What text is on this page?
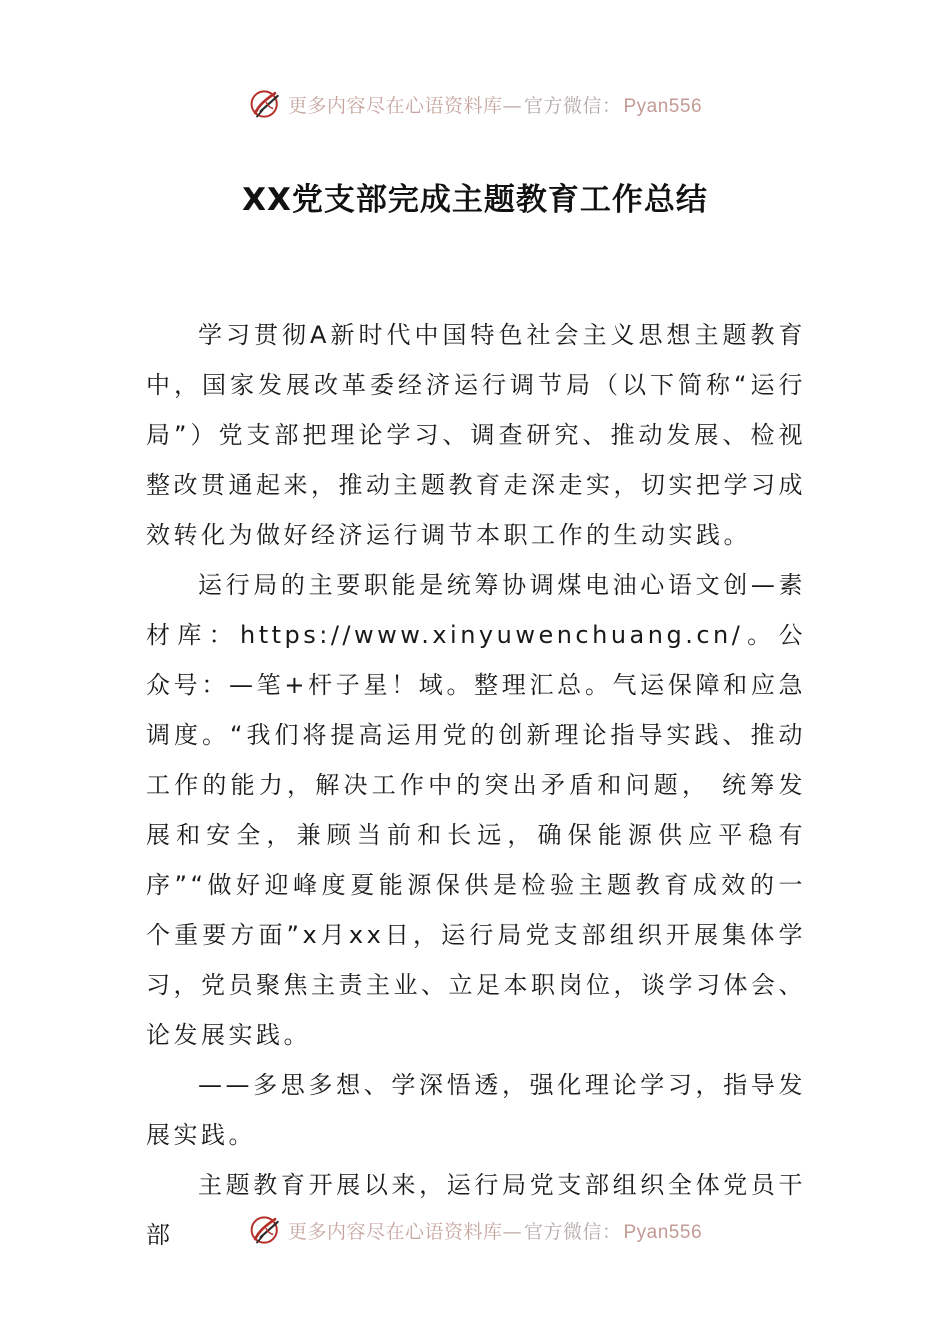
更多内容尽在心语资料库— 官方微信： Pyan556
XX党支部完成主题教育工作总结

学习贯彻A新时代中国特色社会主义思想主题教育中，国家发展改革委经济运行调节局（以下简称“运行局”）党支部把理论学习、调查研究、推动发展、检视整改贯通起来，推动主题教育走深走实，切实把学习成效转化为做好经济运行调节本职工作的生动实践。

运行局的主要职能是统筹协调煤电油心语文创—素材库：https://www.xinyuwenchuang.cn/。公众号：—笔+杆子星！域。整理汇总。气运保障和应急调度。“我们将提高运用党的创新理论指导实践、推动工作的能力，解决工作中的突出矛盾和问题， 统筹发展和安全，兼顾当前和长远，确保能源供应平稳有序”“做好迎峰度夏能源保供是检验主题教育成效的一个重要方面”x月xx日，运行局党支部组织开展集体学习，党员聚焦主责主业、立足本职岗位，谈学习体会、论发展实践。

——多思多想、学深悟透，强化理论学习，指导发展实践。

主题教育开展以来，运行局党支部组织全体党员干部	更多内容尽在心语资料库— 官方微信： Pyan556
